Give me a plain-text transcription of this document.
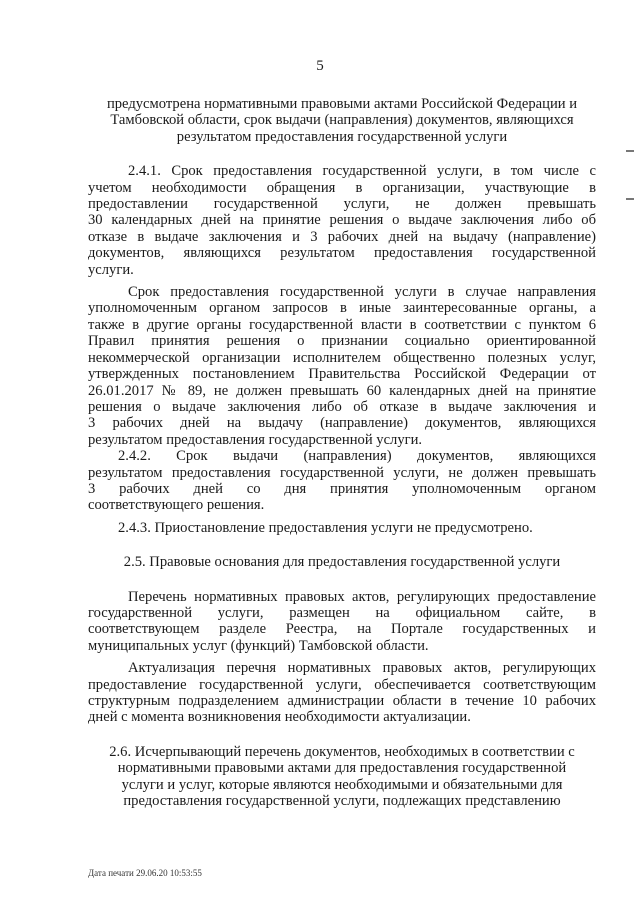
5
предусмотрена нормативными правовыми актами Российской Федерации и
Тамбовской области, срок выдачи (направления) документов, являющихся
результатом предоставления государственной услуги
2.4.1. Срок предоставления государственной услуги, в том числе с
учетом необходимости обращения в организации, участвующие в
предоставлении государственной услуги, не должен превышать
30 календарных дней на принятие решения о выдаче заключения либо об
отказе в выдаче заключения и 3 рабочих дней на выдачу (направление)
документов, являющихся результатом предоставления государственной
услуги.
Срок предоставления государственной услуги в случае направления
уполномоченным органом запросов в иные заинтересованные органы, а
также в другие органы государственной власти в соответствии с пунктом 6
Правил принятия решения о признании социально ориентированной
некоммерческой организации исполнителем общественно полезных услуг,
утвержденных постановлением Правительства Российской Федерации от
26.01.2017 № 89, не должен превышать 60 календарных дней на принятие
решения о выдаче заключения либо об отказе в выдаче заключения и
3 рабочих дней на выдачу (направление) документов, являющихся
результатом предоставления государственной услуги.
2.4.2. Срок выдачи (направления) документов, являющихся
результатом предоставления государственной услуги, не должен превышать
3 рабочих дней со дня принятия уполномоченным органом
соответствующего решения.
2.4.3. Приостановление предоставления услуги не предусмотрено.
2.5. Правовые основания для предоставления государственной услуги
Перечень нормативных правовых актов, регулирующих предоставление
государственной услуги, размещен на официальном сайте, в
соответствующем разделе Реестра, на Портале государственных и
муниципальных услуг (функций) Тамбовской области.
Актуализация перечня нормативных правовых актов, регулирующих
предоставление государственной услуги, обеспечивается соответствующим
структурным подразделением администрации области в течение 10 рабочих
дней с момента возникновения необходимости актуализации.
2.6. Исчерпывающий перечень документов, необходимых в соответствии с
нормативными правовыми актами для предоставления государственной
услуги и услуг, которые являются необходимыми и обязательными для
предоставления государственной услуги, подлежащих представлению
Дата печати 29.06.20 10:53:55
